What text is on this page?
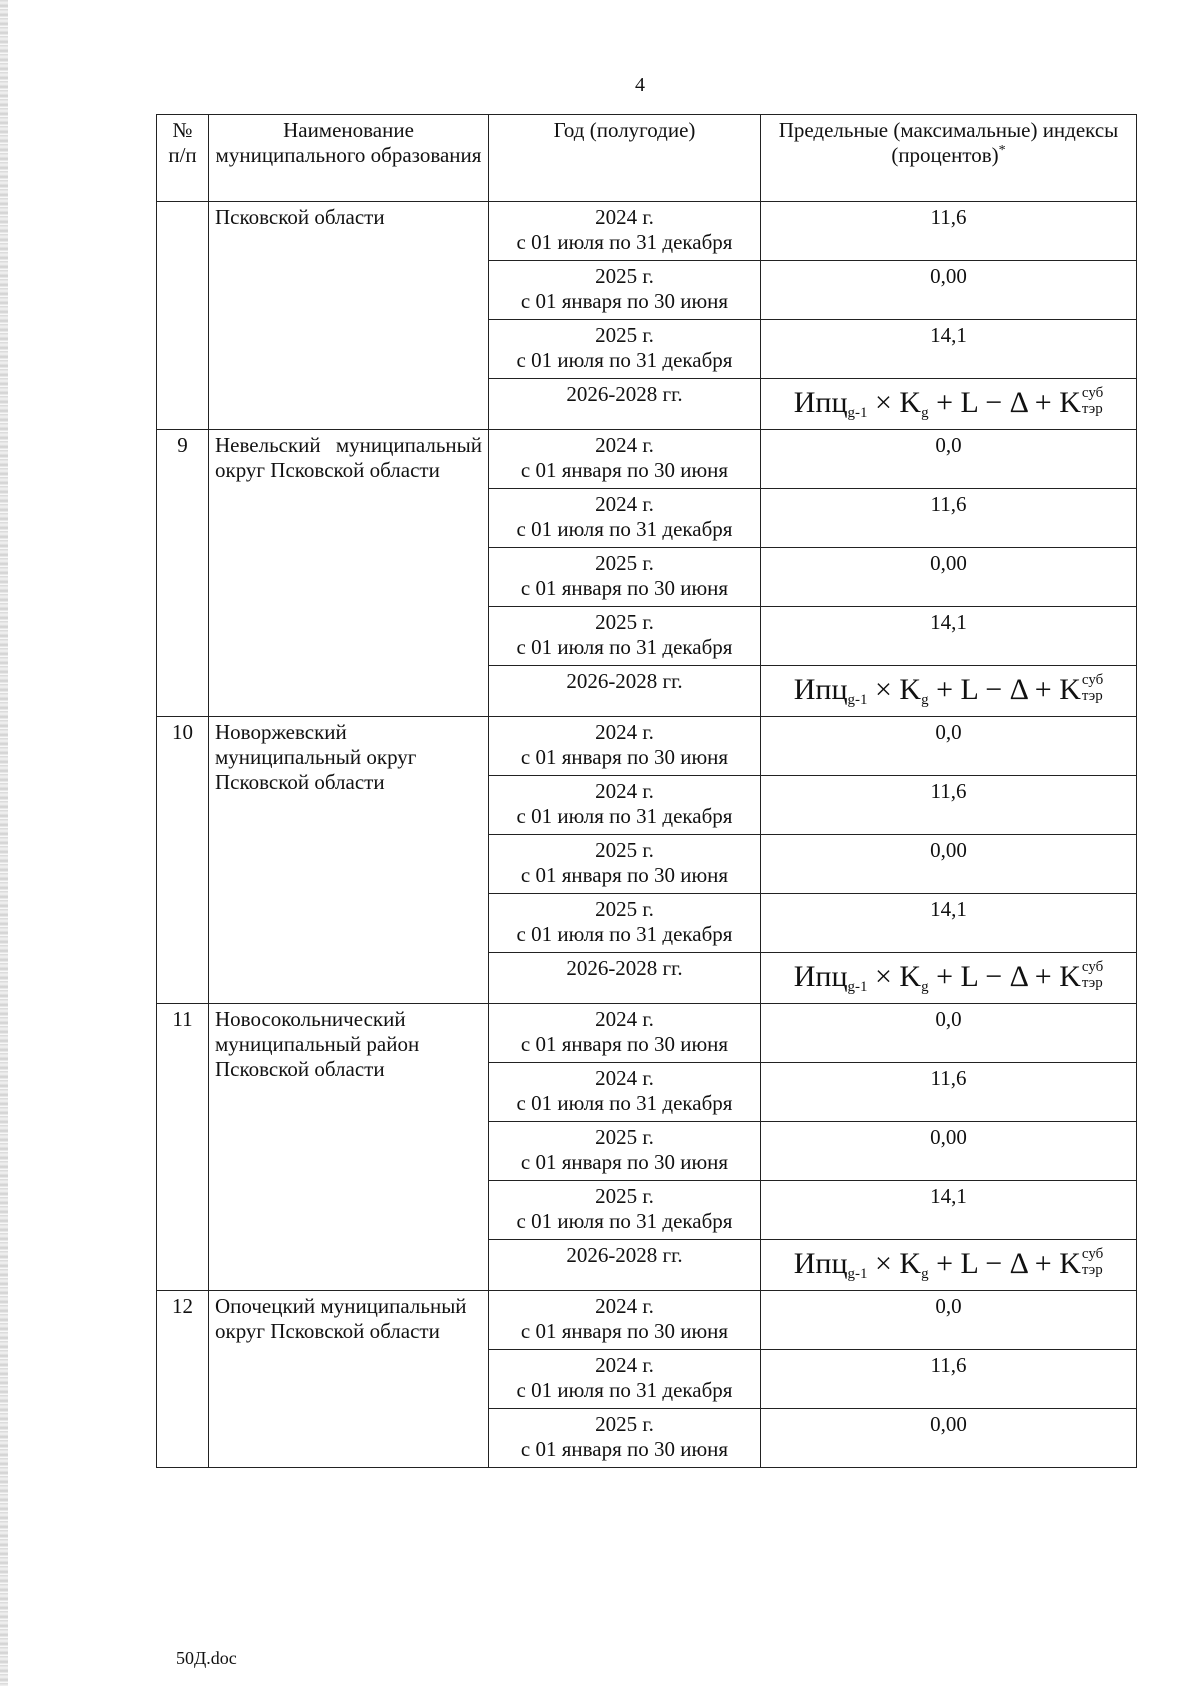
4
№ п/п	Наименование муниципального образования	Год (полугодие)	Предельные (максимальные) индексы (процентов)*
	Псковской области	2024 г.
с 01 июля по 31 декабря	11,6

		2025 г.
с 01 января по 30 июня	0,00

		2025 г.
с 01 июля по 31 декабря	14,1
		2026-2028 гг.	$Ипц_{g-1} \times K_g + L - \Delta + K$ суб
тэр

9	Невельский муниципальный округ Псковской области	2024 г.
с 01 января по 30 июня	0,0

		2024 г.
с 01 июля по 31 декабря	11,6

		2025 г.
с 01 января по 30 июня	0,00

		2025 г.
с 01 июля по 31 декабря	14,1
		2026-2028 гг.	$Ипц_{g-1} \times K_g + L - \Delta + K$ суб
тэр

10	Новоржевский муниципальный округ Псковской области	2024 г.
с 01 января по 30 июня	0,0

		2024 г.
с 01 июля по 31 декабря	11,6

		2025 г.
с 01 января по 30 июня	0,00

		2025 г.
с 01 июля по 31 декабря	14,1
		2026-2028 гг.	$Ипц_{g-1} \times K_g + L - \Delta + K$ суб
тэр

11	Новосокольнический муниципальный район Псковской области	2024 г.
с 01 января по 30 июня	0,0

		2024 г.
с 01 июля по 31 декабря	11,6

		2025 г.
с 01 января по 30 июня	0,00

		2025 г.
с 01 июля по 31 декабря	14,1
		2026-2028 гг.	$Ипц_{g-1} \times K_g + L - \Delta + K$ суб
тэр

12	Опочецкий муниципальный округ Псковской области	2024 г.
с 01 января по 30 июня	0,0

		2024 г.
с 01 июля по 31 декабря	11,6

		2025 г.
с 01 января по 30 июня	0,00
50Д.doc
